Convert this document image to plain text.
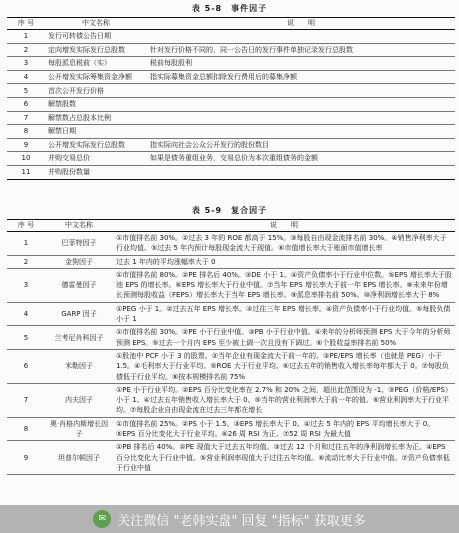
表 5-8　事件因子
序 号	中文名称	说　　明
1	发行可转债公告日期	
2	定向增发实际发行总股数	针对发行价格不同的，同一公告日的发行事件单独记录发行总股数
3	每股派息税前（实）	税前每股股利
4	公开增发实际筹集资金净额	指实际募集资金总额扣除发行费用后的募集净额
5	首次公开发行价格	
6	解禁股数	
7	解禁数占总股本比例	
8	解禁日期	
9	公开增发实际发行总股数	指实际向社会公众公开发行的股份数目
10	并购交易总价	如果是债务重组业务，交易总价为本次重组债务的金额
11	并购股份数量	
表 5-9　复合因子
序 号	中文名称	说　　明
1	巴菲特因子	①市值排名前 30%。②过去 3 年的 ROE 都高于 15%。③每股自由现金流排名前 30%。④销售净利率大于行业均值。⑤过去 5 年内预计每股现金流大于现值。⑥市值增长率大于账面市值增长率
2	金狗因子	过去 1 年内的平均涨幅率大于 0
3	德雷曼因子	①市值排名前 80%。②PE 排名后 40%。③DE 小于 1。④资产负债率小于行业中位数。⑤EPS 增长率大于股池 EPS 的增长率。⑥EPS 增长率大于行业中值。⑦当年 EPS 增长率大于前一年 EPS 增长率。⑧未来年份增长预测每股收益（FEPS）增长率大于当年 EPS 增长率。⑨派息率排名前 50%。⑩净利润增长率大于 8%
4	GARP 因子	①PEG 小于 1。②过去五年 EPS 增长率。③过往三年 EPS 增长率。④资产负债率小于行业均值。⑤每股负债小于 1
5	兰考尼肖科因子	①市值排名前 30%。②PE 小于行业中值。③PB 小于行业中值。④来年的分析师预测 EPS 大于今年的分析师预测 EPS。⑤过去一个月内 EPS 至少被上调一次且没有下调过。⑥个股收益率排名前 50%
6	米勒因子	①股池中 PCF 小于 3 的股票。②当年企业有现金流大于前一年的。③PE/EPS 增长率（也就是 PEG）小于 1.5。④毛利率大于行业平均。⑤ROE 大于行业平均。⑥过去五年的销售收入增长率每年都大于 0。⑦每股负债低于行业平均。⑧按本规模排名前 75%
7	内夫因子	①PE 小于行业平均。②EPS 百分比变化率在 2.7% 和 20% 之间，超出此范围设为 -1。③PEG（价格/EPS）小于 1。④过去五年销售收入增长率大于 0。⑤当年的营业利润率大于前一年的值。⑥营业利润率大于行业平均。⑦每股企业自由现金流在过去三年都在增长
8	奥·肖格内斯增长因子	①市值排名前 25%。②PS 小于 1.5。③EPS 增长率大于 0。④过去 5 年内的 EPS 平均增长率大于 0。⑤EPS 百分比变化大于行业平均。⑥26 周 RSI 为正。⑦52 周 RSI 为最大值
9	坦普尔顿因子	①PB 排名后 40%。②PE 现值大于过去五年均值。③过去 12 个月和过往五年的净利润增长率为正。④EPS 百分比变化大于行业中值。⑤营业利润率现值大于过往五年均值。⑥流动比率大于行业中值。⑦资产负债率低于行业中值
✉ 关注微信 "老韩实盘" 回复 "指标" 获取更多
